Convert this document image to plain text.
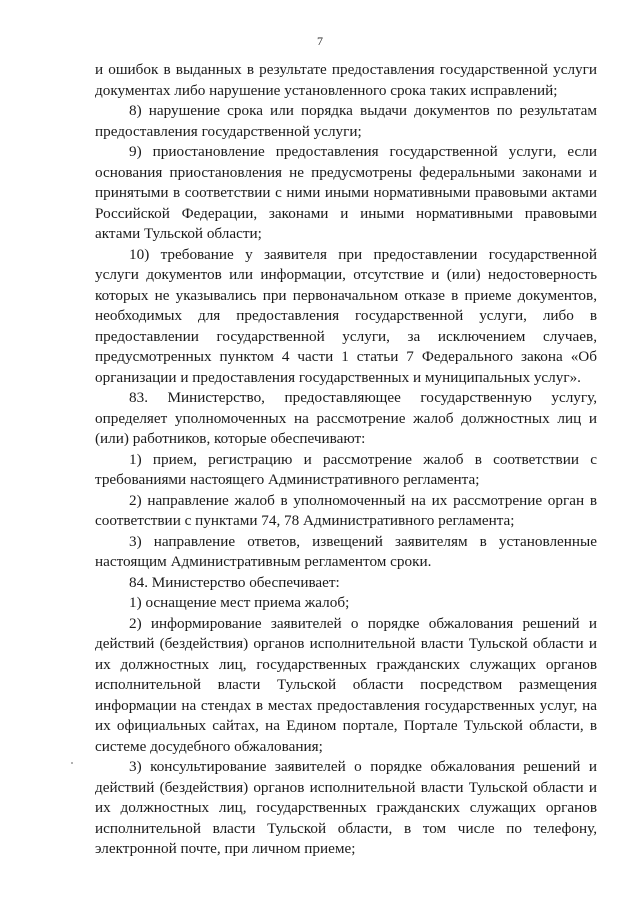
7

и ошибок в выданных в результате предоставления государственной услуги документах либо нарушение установленного срока таких исправлений;

8) нарушение срока или порядка выдачи документов по результатам предоставления государственной услуги;

9) приостановление предоставления государственной услуги, если основания приостановления не предусмотрены федеральными законами и принятыми в соответствии с ними иными нормативными правовыми актами Российской Федерации, законами и иными нормативными правовыми актами Тульской области;

10) требование у заявителя при предоставлении государственной услуги документов или информации, отсутствие и (или) недостоверность которых не указывались при первоначальном отказе в приеме документов, необходимых для предоставления государственной услуги, либо в предоставлении государственной услуги, за исключением случаев, предусмотренных пунктом 4 части 1 статьи 7 Федерального закона «Об организации и предоставления государственных и муниципальных услуг».

83. Министерство, предоставляющее государственную услугу, определяет уполномоченных на рассмотрение жалоб должностных лиц и (или) работников, которые обеспечивают:

1) прием, регистрацию и рассмотрение жалоб в соответствии с требованиями настоящего Административного регламента;

2) направление жалоб в уполномоченный на их рассмотрение орган в соответствии с пунктами 74, 78 Административного регламента;

3) направление ответов, извещений заявителям в установленные настоящим Административным регламентом сроки.

84. Министерство обеспечивает:

1) оснащение мест приема жалоб;

2) информирование заявителей о порядке обжалования решений и действий (бездействия) органов исполнительной власти Тульской области и их должностных лиц, государственных гражданских служащих органов исполнительной власти Тульской области посредством размещения информации на стендах в местах предоставления государственных услуг, на их официальных сайтах, на Едином портале, Портале Тульской области, в системе досудебного обжалования;

3) консультирование заявителей о порядке обжалования решений и действий (бездействия) органов исполнительной власти Тульской области и их должностных лиц, государственных гражданских служащих органов исполнительной власти Тульской области, в том числе по телефону, электронной почте, при личном приеме;
